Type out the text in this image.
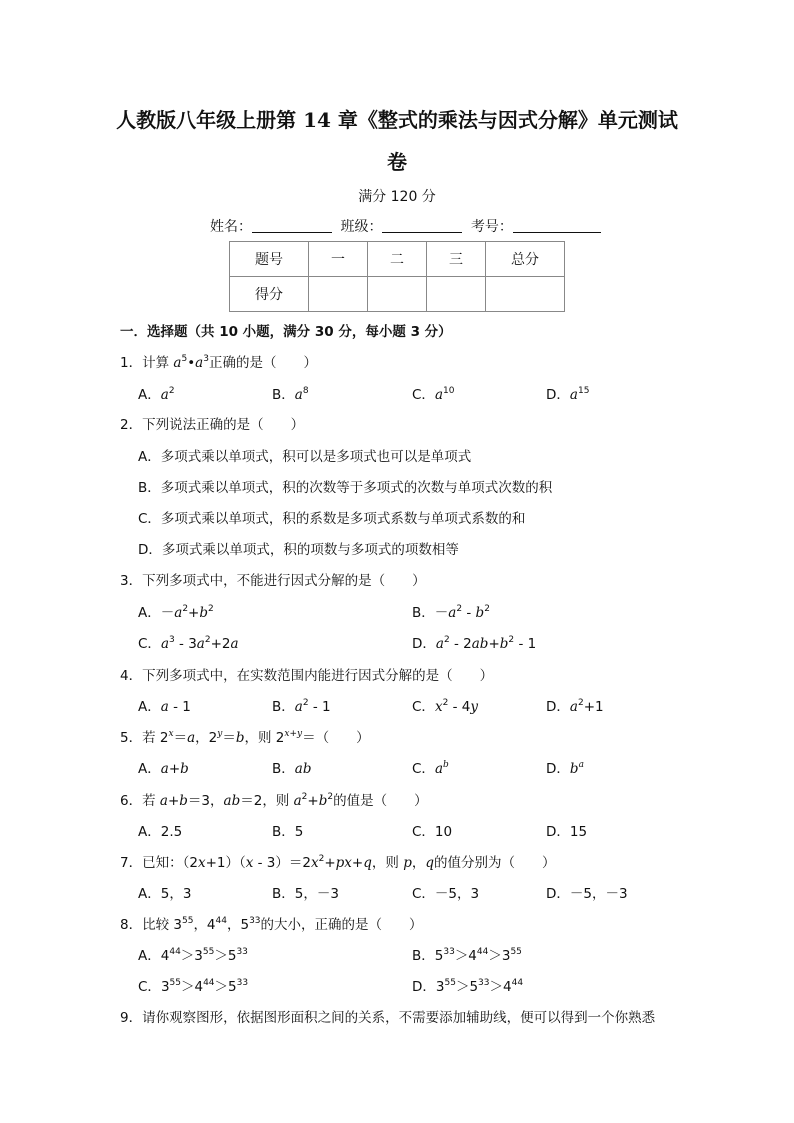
人教版八年级上册第 14 章《整式的乘法与因式分解》单元测试
卷
满分 120 分
姓名：	班级：	考号：
题号	一	二	三	总分
得分				
一．选择题（共 10 小题，满分 30 分，每小题 3 分）
1．计算 $a^5•a^3$正确的是（　　）
A．$a^2$	B．$a^8$	C．$a^{10}$	D．$a^{15}$
2．下列说法正确的是（　　）
A．多项式乘以单项式，积可以是多项式也可以是单项式
B．多项式乘以单项式，积的次数等于多项式的次数与单项式次数的积
C．多项式乘以单项式，积的系数是多项式系数与单项式系数的和
D．多项式乘以单项式，积的项数与多项式的项数相等
3．下列多项式中，不能进行因式分解的是（　　）
A．$-a^2+b^2$	B．$-a^2 - b^2$
C．$a^3 - 3a^2+2a$	D．$a^2 - 2ab+b^2 - 1$
4．下列多项式中，在实数范围内能进行因式分解的是（　　）
A．a - 1	B．$a^2 - 1$	C．$x^2 - 4y$	D．$a^2+1$
5．若 $2^x=a$，$2^y=b$，则 $2^{x+y}=$（　　）
A．a+b	B．ab	C．$a^b$	D．$b^a$
6．若 a+b＝3，ab＝2，则 $a^2+b^2$的值是（　　）
A．2.5	B．5	C．10	D．15
7．已知：$(2x+1)(x - 3)=2x^2+px+q$，则 p，q的值分别为（　　）
A．5，3	B．5，－3	C．－5，3	D．－5，－3
8．比较 $3^{55}$，$4^{44}$，$5^{33}$的大小，正确的是（　　）
A．$4^{44}>3^{55}>5^{33}$	B．$5^{33}>4^{44}>3^{55}$
C．$3^{55}>4^{44}>5^{33}$	D．$3^{55}>5^{33}>4^{44}$
9．请你观察图形，依据图形面积之间的关系，不需要添加辅助线，便可以得到一个你熟悉
